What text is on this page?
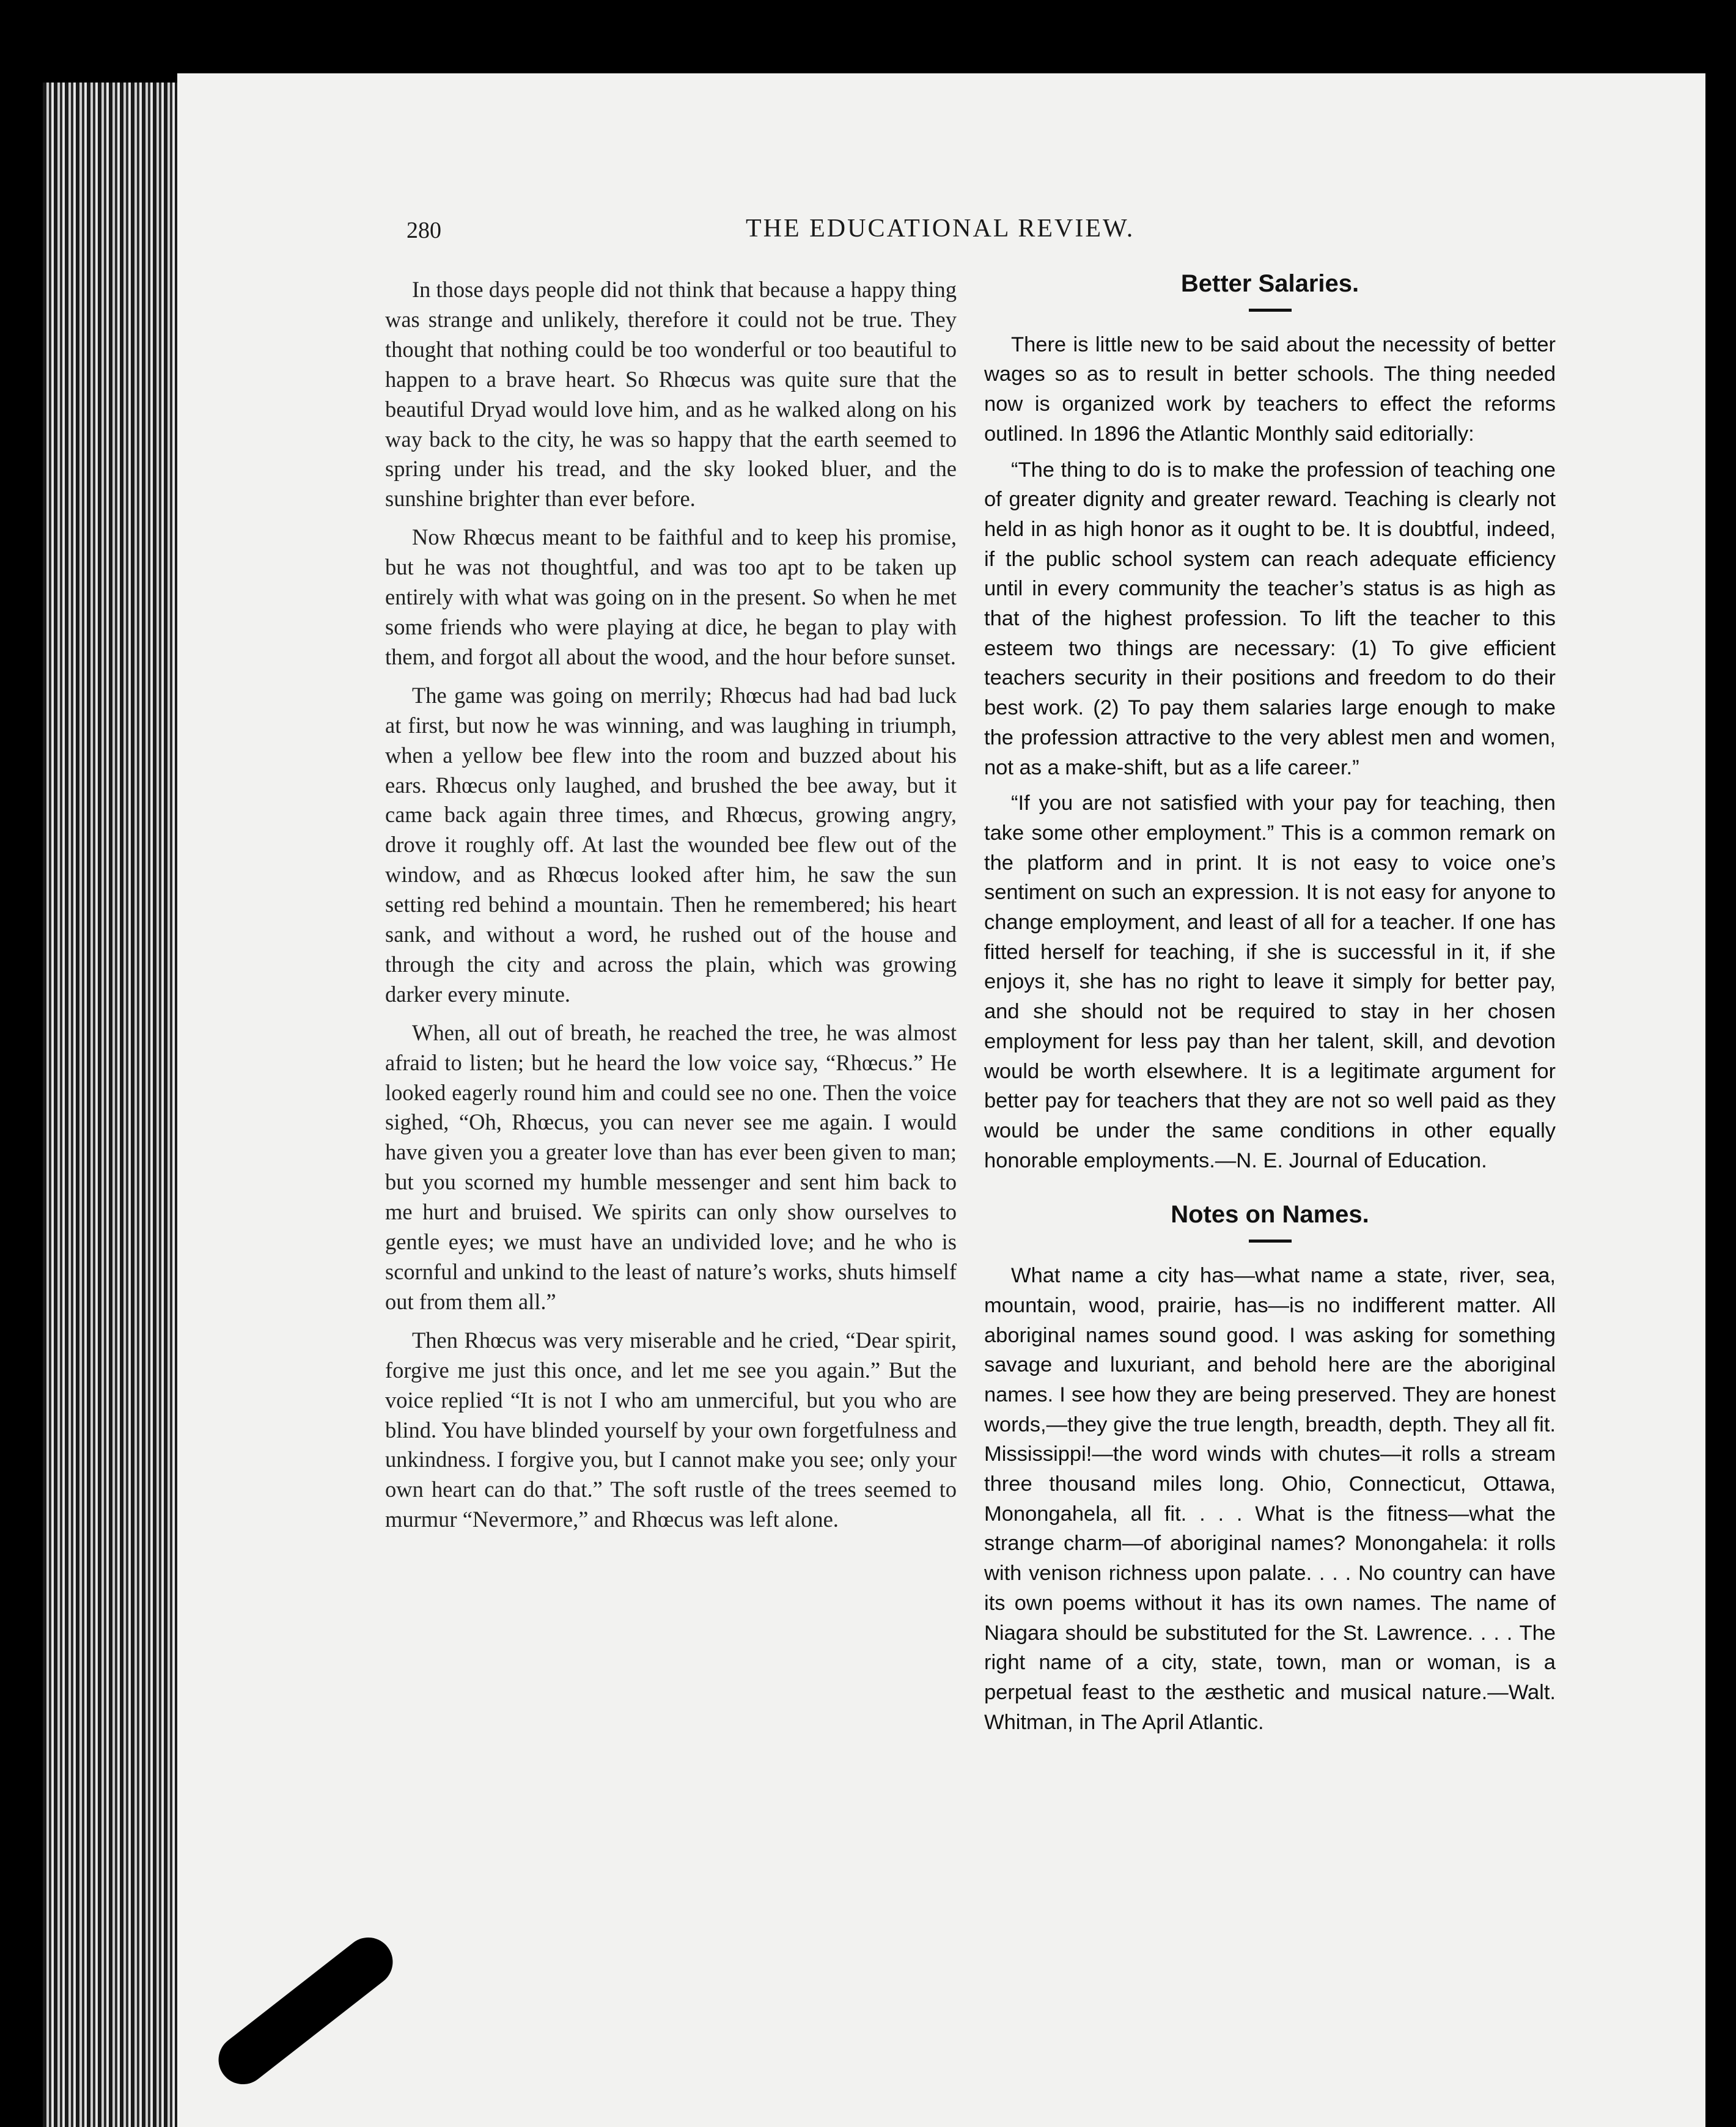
280	THE EDUCATIONAL REVIEW.

In those days people did not think that because a happy thing was strange and unlikely, therefore it could not be true. They thought that nothing could be too wonderful or too beautiful to happen to a brave heart. So Rhœcus was quite sure that the beautiful Dryad would love him, and as he walked along on his way back to the city, he was so happy that the earth seemed to spring under his tread, and the sky looked bluer, and the sunshine brighter than ever before.

Now Rhœcus meant to be faithful and to keep his promise, but he was not thoughtful, and was too apt to be taken up entirely with what was going on in the present. So when he met some friends who were playing at dice, he began to play with them, and forgot all about the wood, and the hour before sunset.

The game was going on merrily; Rhœcus had had bad luck at first, but now he was winning, and was laughing in triumph, when a yellow bee flew into the room and buzzed about his ears. Rhœcus only laughed, and brushed the bee away, but it came back again three times, and Rhœcus, growing angry, drove it roughly off. At last the wounded bee flew out of the window, and as Rhœcus looked after him, he saw the sun setting red behind a mountain. Then he remembered; his heart sank, and without a word, he rushed out of the house and through the city and across the plain, which was growing darker every minute.

When, all out of breath, he reached the tree, he was almost afraid to listen; but he heard the low voice say, “Rhœcus.” He looked eagerly round him and could see no one. Then the voice sighed, “Oh, Rhœcus, you can never see me again. I would have given you a greater love than has ever been given to man; but you scorned my humble messenger and sent him back to me hurt and bruised. We spirits can only show ourselves to gentle eyes; we must have an undivided love; and he who is scornful and unkind to the least of nature’s works, shuts himself out from them all.”

Then Rhœcus was very miserable and he cried, “Dear spirit, forgive me just this once, and let me see you again.” But the voice replied “It is not I who am unmerciful, but you who are blind. You have blinded yourself by your own forgetfulness and unkindness. I forgive you, but I cannot make you see; only your own heart can do that.” The soft rustle of the trees seemed to murmur “Nevermore,” and Rhœcus was left alone.

Better Salaries.

There is little new to be said about the necessity of better wages so as to result in better schools. The thing needed now is organized work by teachers to effect the reforms outlined. In 1896 the Atlantic Monthly said editorially:

“The thing to do is to make the profession of teaching one of greater dignity and greater reward. Teaching is clearly not held in as high honor as it ought to be. It is doubtful, indeed, if the public school system can reach adequate efficiency until in every community the teacher’s status is as high as that of the highest profession. To lift the teacher to this esteem two things are necessary: (1) To give efficient teachers security in their positions and freedom to do their best work. (2) To pay them salaries large enough to make the profession attractive to the very ablest men and women, not as a make-shift, but as a life career.”

“If you are not satisfied with your pay for teaching, then take some other employment.” This is a common remark on the platform and in print. It is not easy to voice one’s sentiment on such an expression. It is not easy for anyone to change employment, and least of all for a teacher. If one has fitted herself for teaching, if she is successful in it, if she enjoys it, she has no right to leave it simply for better pay, and she should not be required to stay in her chosen employment for less pay than her talent, skill, and devotion would be worth elsewhere. It is a legitimate argument for better pay for teachers that they are not so well paid as they would be under the same conditions in other equally honorable employments.—N. E. Journal of Education.

Notes on Names.

What name a city has—what name a state, river, sea, mountain, wood, prairie, has—is no indifferent matter. All aboriginal names sound good. I was asking for something savage and luxuriant, and behold here are the aboriginal names. I see how they are being preserved. They are honest words,—they give the true length, breadth, depth. They all fit. Mississippi!—the word winds with chutes—it rolls a stream three thousand miles long. Ohio, Connecticut, Ottawa, Monongahela, all fit. . . . What is the fitness—what the strange charm—of aboriginal names? Monongahela: it rolls with venison richness upon palate. . . . No country can have its own poems without it has its own names. The name of Niagara should be substituted for the St. Lawrence. . . . The right name of a city, state, town, man or woman, is a perpetual feast to the æsthetic and musical nature.—Walt. Whitman, in The April Atlantic.
